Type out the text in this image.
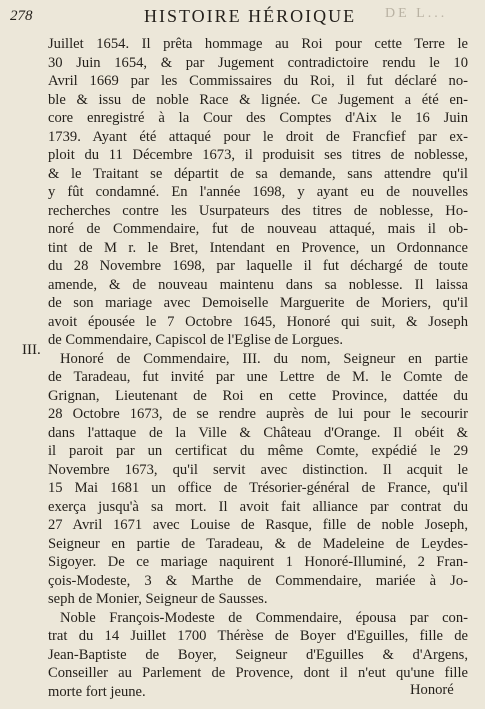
278	HISTOIRE HÉROIQUE DE L...
III.
Juillet 1654. Il prêta hommage au Roi pour cette Terre le
30 Juin 1654, & par Jugement contradictoire rendu le 10
Avril 1669 par les Commissaires du Roi, il fut déclaré no-
ble & issu de noble Race & lignée. Ce Jugement a été en-
core enregistré à la Cour des Comptes d'Aix le 16 Juin
1739. Ayant été attaqué pour le droit de Francfief par ex-
ploit du 11 Décembre 1673, il produisit ses titres de noblesse,
& le Traitant se départit de sa demande, sans attendre qu'il
y fût condamné. En l'année 1698, y ayant eu de nouvelles
recherches contre les Usurpateurs des titres de noblesse, Ho-
noré de Commendaire, fut de nouveau attaqué, mais il ob-
tint de M r. le Bret, Intendant en Provence, un Ordonnance
du 28 Novembre 1698, par laquelle il fut déchargé de toute
amende, & de nouveau maintenu dans sa noblesse. Il laissa
de son mariage avec Demoiselle Marguerite de Moriers, qu'il
avoit épousée le 7 Octobre 1645, Honoré qui suit, & Joseph
de Commendaire, Capiscol de l'Eglise de Lorgues.
Honoré de Commendaire, III. du nom, Seigneur en partie
de Taradeau, fut invité par une Lettre de M. le Comte de
Grignan, Lieutenant de Roi en cette Province, dattée du
28 Octobre 1673, de se rendre auprès de lui pour le secourir
dans l'attaque de la Ville & Château d'Orange. Il obéit &
il paroit par un certificat du même Comte, expédié le 29
Novembre 1673, qu'il servit avec distinction. Il acquit le
15 Mai 1681 un office de Trésorier-général de France, qu'il
exerça jusqu'à sa mort. Il avoit fait alliance par contrat du
27 Avril 1671 avec Louise de Rasque, fille de noble Joseph,
Seigneur en partie de Taradeau, & de Madeleine de Leydes-
Sigoyer. De ce mariage naquirent 1 Honoré-Illuminé, 2 Fran-
çois-Modeste, 3 & Marthe de Commendaire, mariée à Jo-
seph de Monier, Seigneur de Sausses.
Noble François-Modeste de Commendaire, épousa par con-
trat du 14 Juillet 1700 Thérèse de Boyer d'Eguilles, fille de
Jean-Baptiste de Boyer, Seigneur d'Eguilles & d'Argens,
Conseiller au Parlement de Provence, dont il n'eut qu'une fille
morte fort jeune.	Honoré
